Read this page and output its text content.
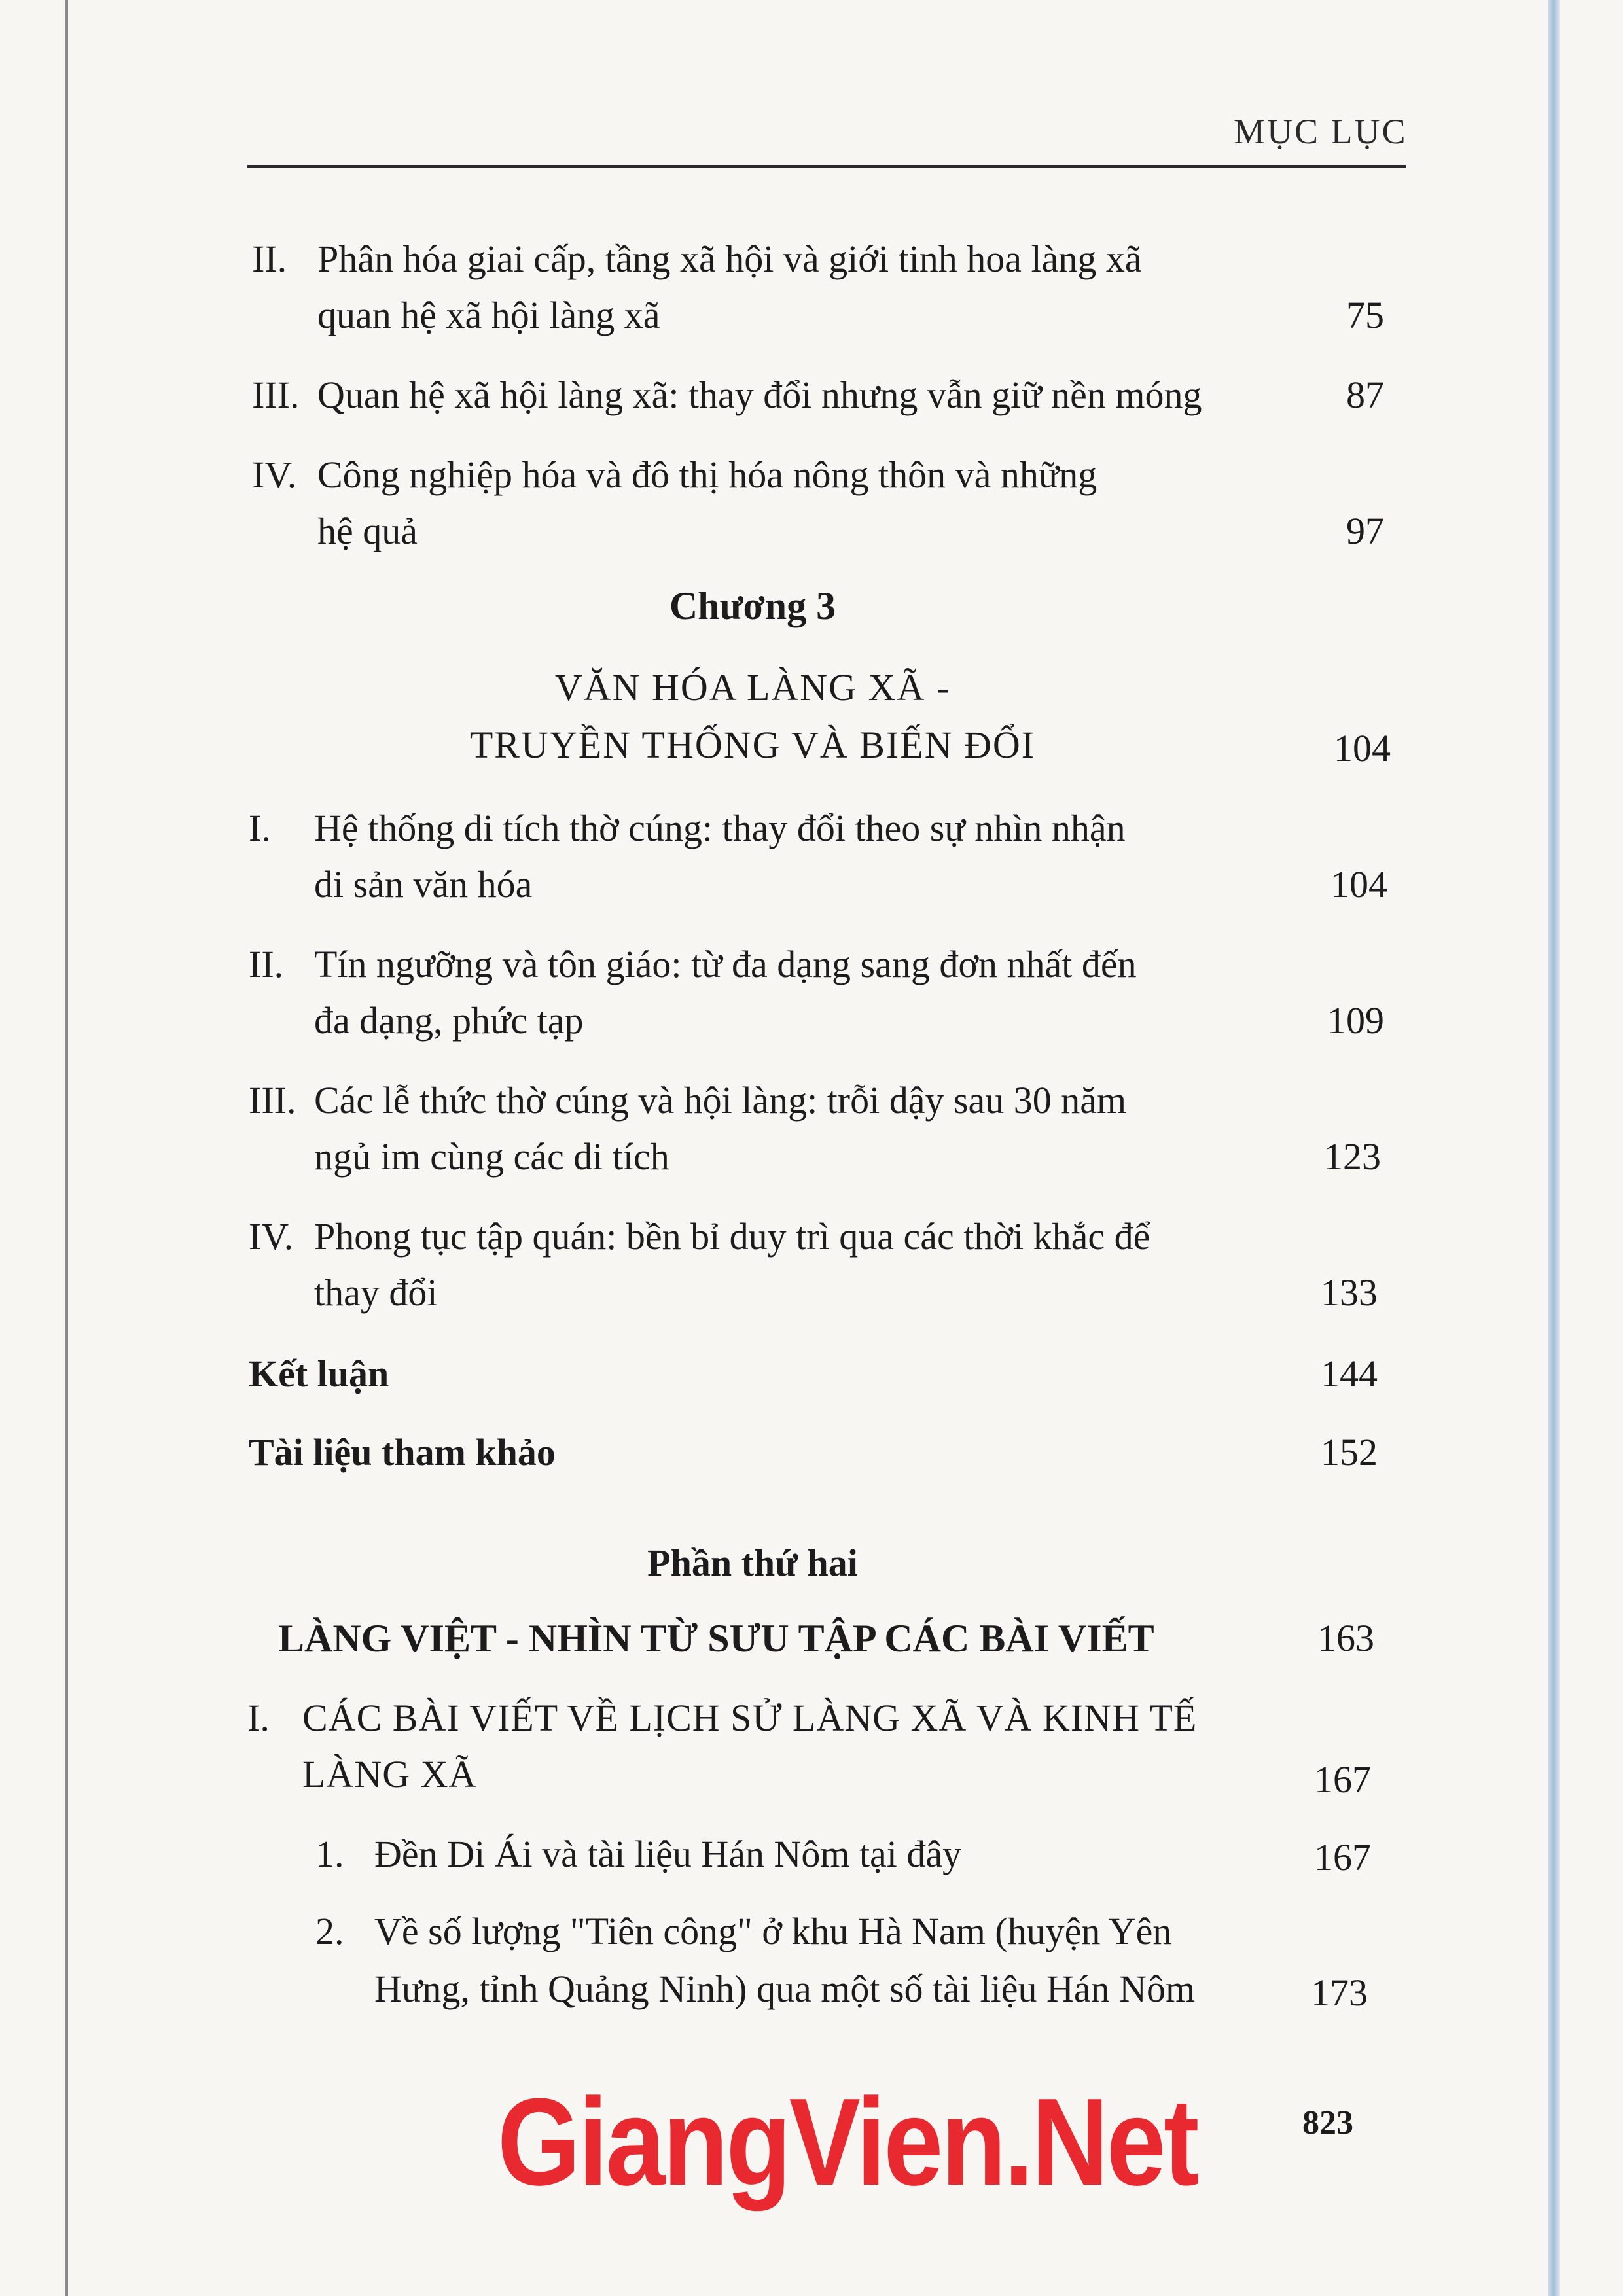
MỤC LỤC
II. Phân hóa giai cấp, tầng xã hội và giới tinh hoa làng xã
quan hệ xã hội làng xã	75
III. Quan hệ xã hội làng xã: thay đổi nhưng vẫn giữ nền móng	87
IV. Công nghiệp hóa và đô thị hóa nông thôn và những
hệ quả	97
Chương 3
VĂN HÓA LÀNG XÃ -
TRUYỀN THỐNG VÀ BIẾN ĐỔI	104
I. Hệ thống di tích thờ cúng: thay đổi theo sự nhìn nhận
di sản văn hóa	104
II. Tín ngưỡng và tôn giáo: từ đa dạng sang đơn nhất đến
đa dạng, phức tạp	109
III. Các lễ thức thờ cúng và hội làng: trỗi dậy sau 30 năm
ngủ im cùng các di tích	123
IV. Phong tục tập quán: bền bỉ duy trì qua các thời khắc để
thay đổi	133
Kết luận	144
Tài liệu tham khảo	152
Phần thứ hai
LÀNG VIỆT - NHÌN TỪ SƯU TẬP CÁC BÀI VIẾT	163
I. CÁC BÀI VIẾT VỀ LỊCH SỬ LÀNG XÃ VÀ KINH TẾ
LÀNG XÃ	167
1. Đền Di Ái và tài liệu Hán Nôm tại đây	167
2. Về số lượng "Tiên công" ở khu Hà Nam (huyện Yên
Hưng, tỉnh Quảng Ninh) qua một số tài liệu Hán Nôm	173
GiangVien.Net	823
